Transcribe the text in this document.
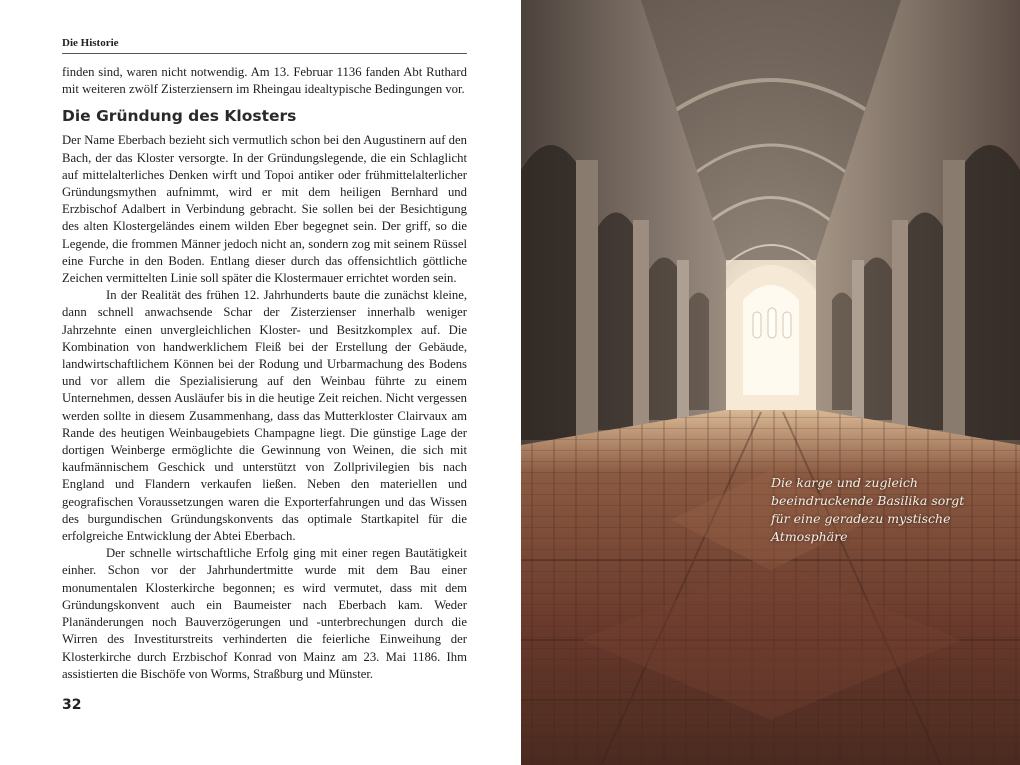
Die Historie

finden sind, waren nicht notwendig. Am 13. Februar 1136 fanden Abt Ruthard mit weiteren zwölf Zisterziensern im Rheingau idealtypische Bedingungen vor.

Die Gründung des Klosters

Der Name Eberbach bezieht sich vermutlich schon bei den Augustinern auf den Bach, der das Kloster versorgte. In der Gründungslegende, die ein Schlaglicht auf mittelalterliches Denken wirft und Topoi antiker oder frühmittelalterlicher Gründungsmythen aufnimmt, wird er mit dem heiligen Bernhard und Erzbischof Adalbert in Verbindung gebracht. Sie sollen bei der Besichtigung des alten Klostergeländes einem wilden Eber begegnet sein. Der griff, so die Legende, die frommen Männer jedoch nicht an, sondern zog mit seinem Rüssel eine Furche in den Boden. Entlang dieser durch das offensichtlich göttliche Zeichen vermittelten Linie soll später die Klostermauer errichtet worden sein.

In der Realität des frühen 12. Jahrhunderts baute die zunächst kleine, dann schnell anwachsende Schar der Zisterzienser innerhalb weniger Jahrzehnte einen unvergleichlichen Kloster- und Besitzkomplex auf. Die Kombination von handwerklichem Fleiß bei der Erstellung der Gebäude, landwirtschaftlichem Können bei der Rodung und Urbarmachung des Bodens und vor allem die Spezialisierung auf den Weinbau führte zu einem Unternehmen, dessen Ausläufer bis in die heutige Zeit reichen. Nicht vergessen werden sollte in diesem Zusammenhang, dass das Mutterkloster Clairvaux am Rande des heutigen Weinbaugebiets Champagne liegt. Die günstige Lage der dortigen Weinberge ermöglichte die Gewinnung von Weinen, die sich mit kaufmännischem Geschick und unterstützt von Zollprivilegien bis nach England und Flandern verkaufen ließen. Neben den materiellen und geografischen Voraussetzungen waren die Exporterfahrungen und das Wissen des burgundischen Gründungskonvents das optimale Startkapitel für die erfolgreiche Entwicklung der Abtei Eberbach.

Der schnelle wirtschaftliche Erfolg ging mit einer regen Bautätigkeit einher. Schon vor der Jahrhundertmitte wurde mit dem Bau einer monumentalen Klosterkirche begonnen; es wird vermutet, dass mit dem Gründungskonvent auch ein Baumeister nach Eberbach kam. Weder Planänderungen noch Bauverzögerungen und -unterbrechungen durch die Wirren des Investiturstreits verhinderten die feierliche Einweihung der Klosterkirche durch Erzbischof Konrad von Mainz am 23. Mai 1186. Ihm assistierten die Bischöfe von Worms, Straßburg und Münster.

32
Die karge und zugleich beeindruckende Basilika sorgt für eine geradezu mystische Atmosphäre
